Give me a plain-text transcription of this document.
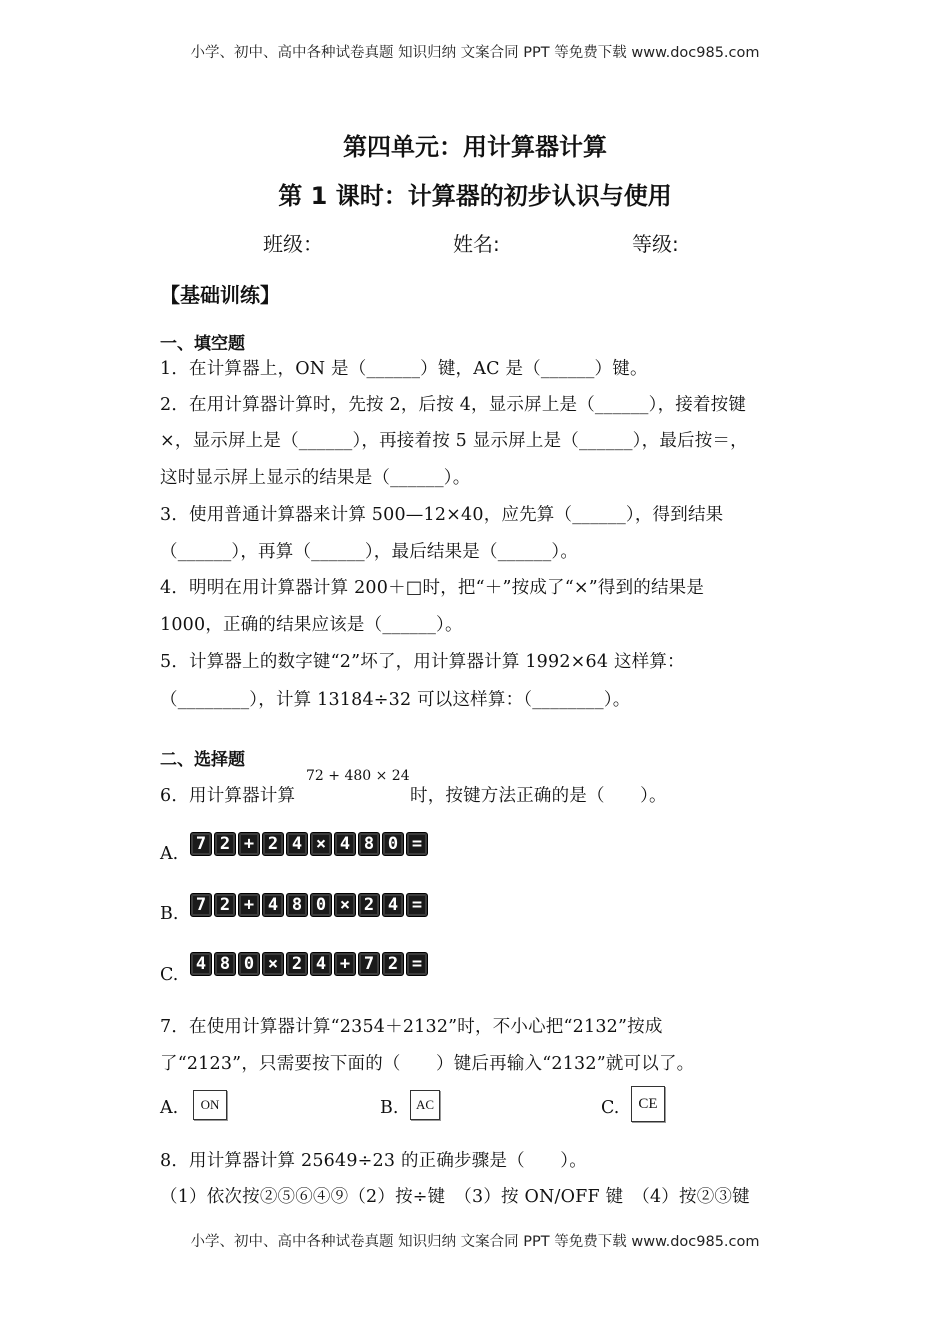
小学、初中、高中各种试卷真题 知识归纳 文案合同 PPT 等免费下载 www.doc985.com
第四单元：用计算器计算
第 1 课时：计算器的初步认识与使用
班级：	姓名:	等级:
【基础训练】
一、填空题
1．在计算器上，ON 是（______）键，AC 是（______）键。
2．在用计算器计算时，先按 2，后按 4，显示屏上是（______），接着按键
×，显示屏上是（______），再接着按 5 显示屏上是（______），最后按＝，
这时显示屏上显示的结果是（______）。
3．使用普通计算器来计算 500—12×40，应先算（______），得到结果
（______），再算（______），最后结果是（______）。
4．明明在用计算器计算 200＋□时，把“＋”按成了“×”得到的结果是
1000，正确的结果应该是（______）。
5．计算器上的数字键“2”坏了，用计算器计算 1992×64 这样算：
（________），计算 13184÷32 可以这样算：（________）。
二、选择题
6．用计算器计算
72 + 480 × 24
时，按键方法正确的是（　　）。
A.	7 2 + 2 4 × 4 8 0 =
B.	7 2 + 4 8 0 × 2 4 =
C.
4 8 0 × 2 4 + 7 2 =
7．在使用计算器计算“2354＋2132”时，不小心把“2132”按成
了“2123”，只需要按下面的（　　）键后再输入“2132”就可以了。
A.	ON	B.	AC	C.	CE
8．用计算器计算 25649÷23 的正确步骤是（　　）。
（1）依次按②⑤⑥④⑨（2）按÷键　（3）按 ON/OFF 键　（4）按②③键
小学、初中、高中各种试卷真题 知识归纳 文案合同 PPT 等免费下载 www.doc985.com
